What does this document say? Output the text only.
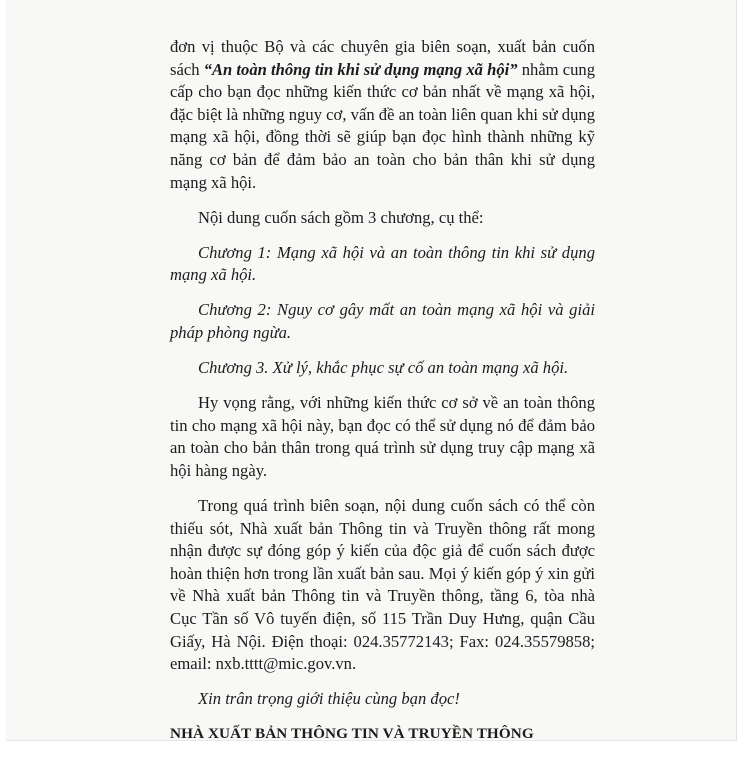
đơn vị thuộc Bộ và các chuyên gia biên soạn, xuất bản cuốn sách “An toàn thông tin khi sử dụng mạng xã hội” nhằm cung cấp cho bạn đọc những kiến thức cơ bản nhất về mạng xã hội, đặc biệt là những nguy cơ, vấn đề an toàn liên quan khi sử dụng mạng xã hội, đồng thời sẽ giúp bạn đọc hình thành những kỹ năng cơ bản để đảm bảo an toàn cho bản thân khi sử dụng mạng xã hội.

Nội dung cuốn sách gồm 3 chương, cụ thể:

Chương 1: Mạng xã hội và an toàn thông tin khi sử dụng mạng xã hội.

Chương 2: Nguy cơ gây mất an toàn mạng xã hội và giải pháp phòng ngừa.

Chương 3. Xử lý, khắc phục sự cố an toàn mạng xã hội.

Hy vọng rằng, với những kiến thức cơ sở về an toàn thông tin cho mạng xã hội này, bạn đọc có thể sử dụng nó để đảm bảo an toàn cho bản thân trong quá trình sử dụng truy cập mạng xã hội hàng ngày.

Trong quá trình biên soạn, nội dung cuốn sách có thể còn thiếu sót, Nhà xuất bản Thông tin và Truyền thông rất mong nhận được sự đóng góp ý kiến của độc giả để cuốn sách được hoàn thiện hơn trong lần xuất bản sau. Mọi ý kiến góp ý xin gửi về Nhà xuất bản Thông tin và Truyền thông, tầng 6, tòa nhà Cục Tần số Vô tuyến điện, số 115 Trần Duy Hưng, quận Cầu Giấy, Hà Nội. Điện thoại: 024.35772143; Fax: 024.35579858; email: nxb.tttt@mic.gov.vn.

Xin trân trọng giới thiệu cùng bạn đọc!

NHÀ XUẤT BẢN THÔNG TIN VÀ TRUYỀN THÔNG
